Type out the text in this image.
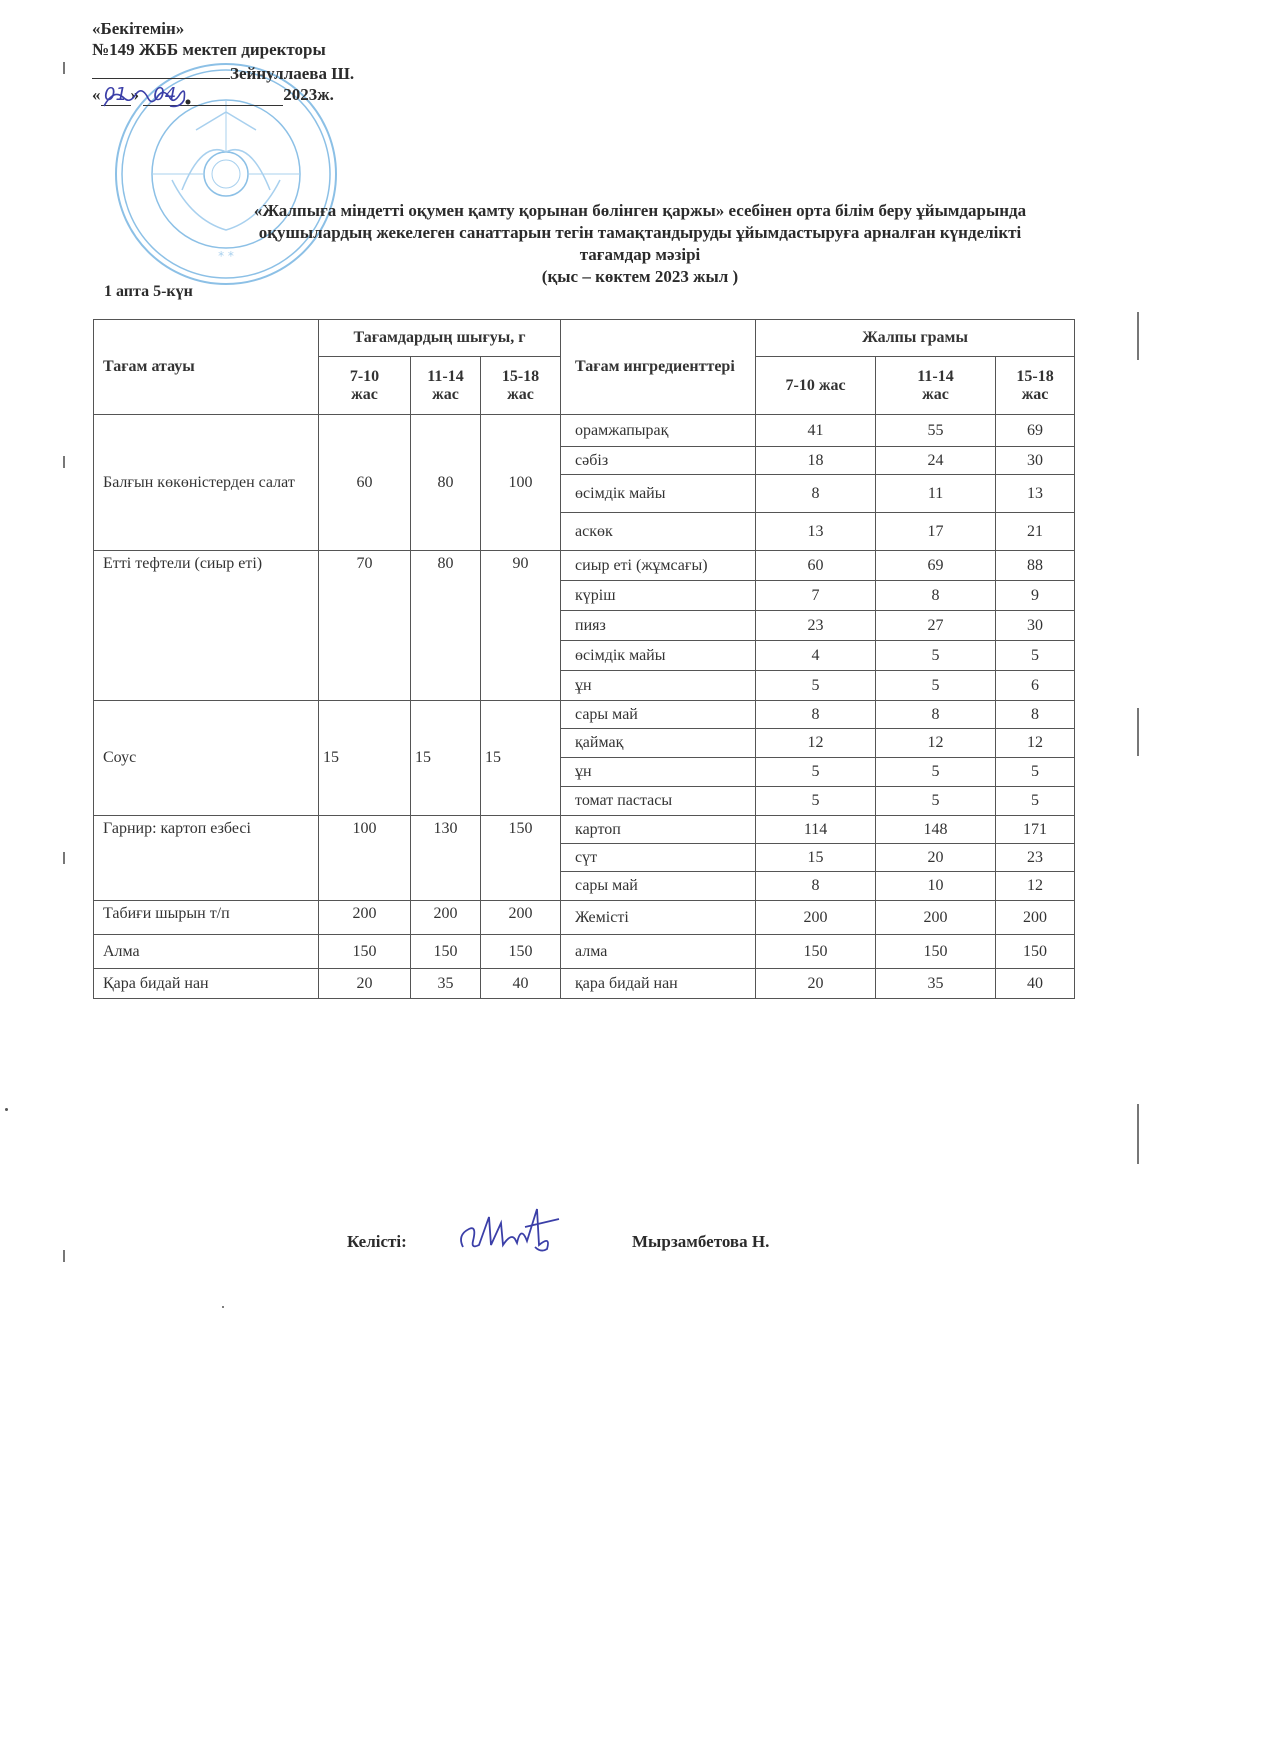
* *
«Бекітемін»
№149 ЖББ мектеп директоры
Зейнуллаева Ш.
« 01 » 04	2023ж.
«Жалпыға міндетті оқумен қамту қорынан бөлінген қаржы» есебінен орта білім беру ұйымдарында
оқушылардың жекелеген санаттарын тегін тамақтандыруды ұйымдастыруға арналған күнделікті
тағамдар мәзірі
(қыс – көктем 2023 жыл )
1 апта 5-күн
Тағам атауы	Тағамдардың шығуы, г			Тағам ингредиенттері	Жалпы грамы		
	7-10 жас	11-14 жас	15-18 жас		7-10 жас	11-14 жас	15-18 жас
Балғын көкөністерден салат	60	80	100	орамжапырақ	41	55	69
				сәбіз	18	24	30
				өсімдік майы	8	11	13
				аскөк	13	17	21
Етті тефтели (сиыр еті)	70	80	90	сиыр еті (жұмсағы)	60	69	88
				күріш	7	8	9
				пияз	23	27	30
				өсімдік майы	4	5	5
				ұн	5	5	6
Соус	15	15	15	сары май	8	8	8
				қаймақ	12	12	12
				ұн	5	5	5
				томат пастасы	5	5	5
Гарнир: картоп езбесі	100	130	150	картоп	114	148	171
				сүт	15	20	23
				сары май	8	10	12
Табиғи шырын т/п	200	200	200	Жемісті	200	200	200
Алма	150	150	150	алма	150	150	150
Қара бидай нан	20	35	40	қара бидай нан	20	35	40
Келісті:	Мырзамбетова Н.
